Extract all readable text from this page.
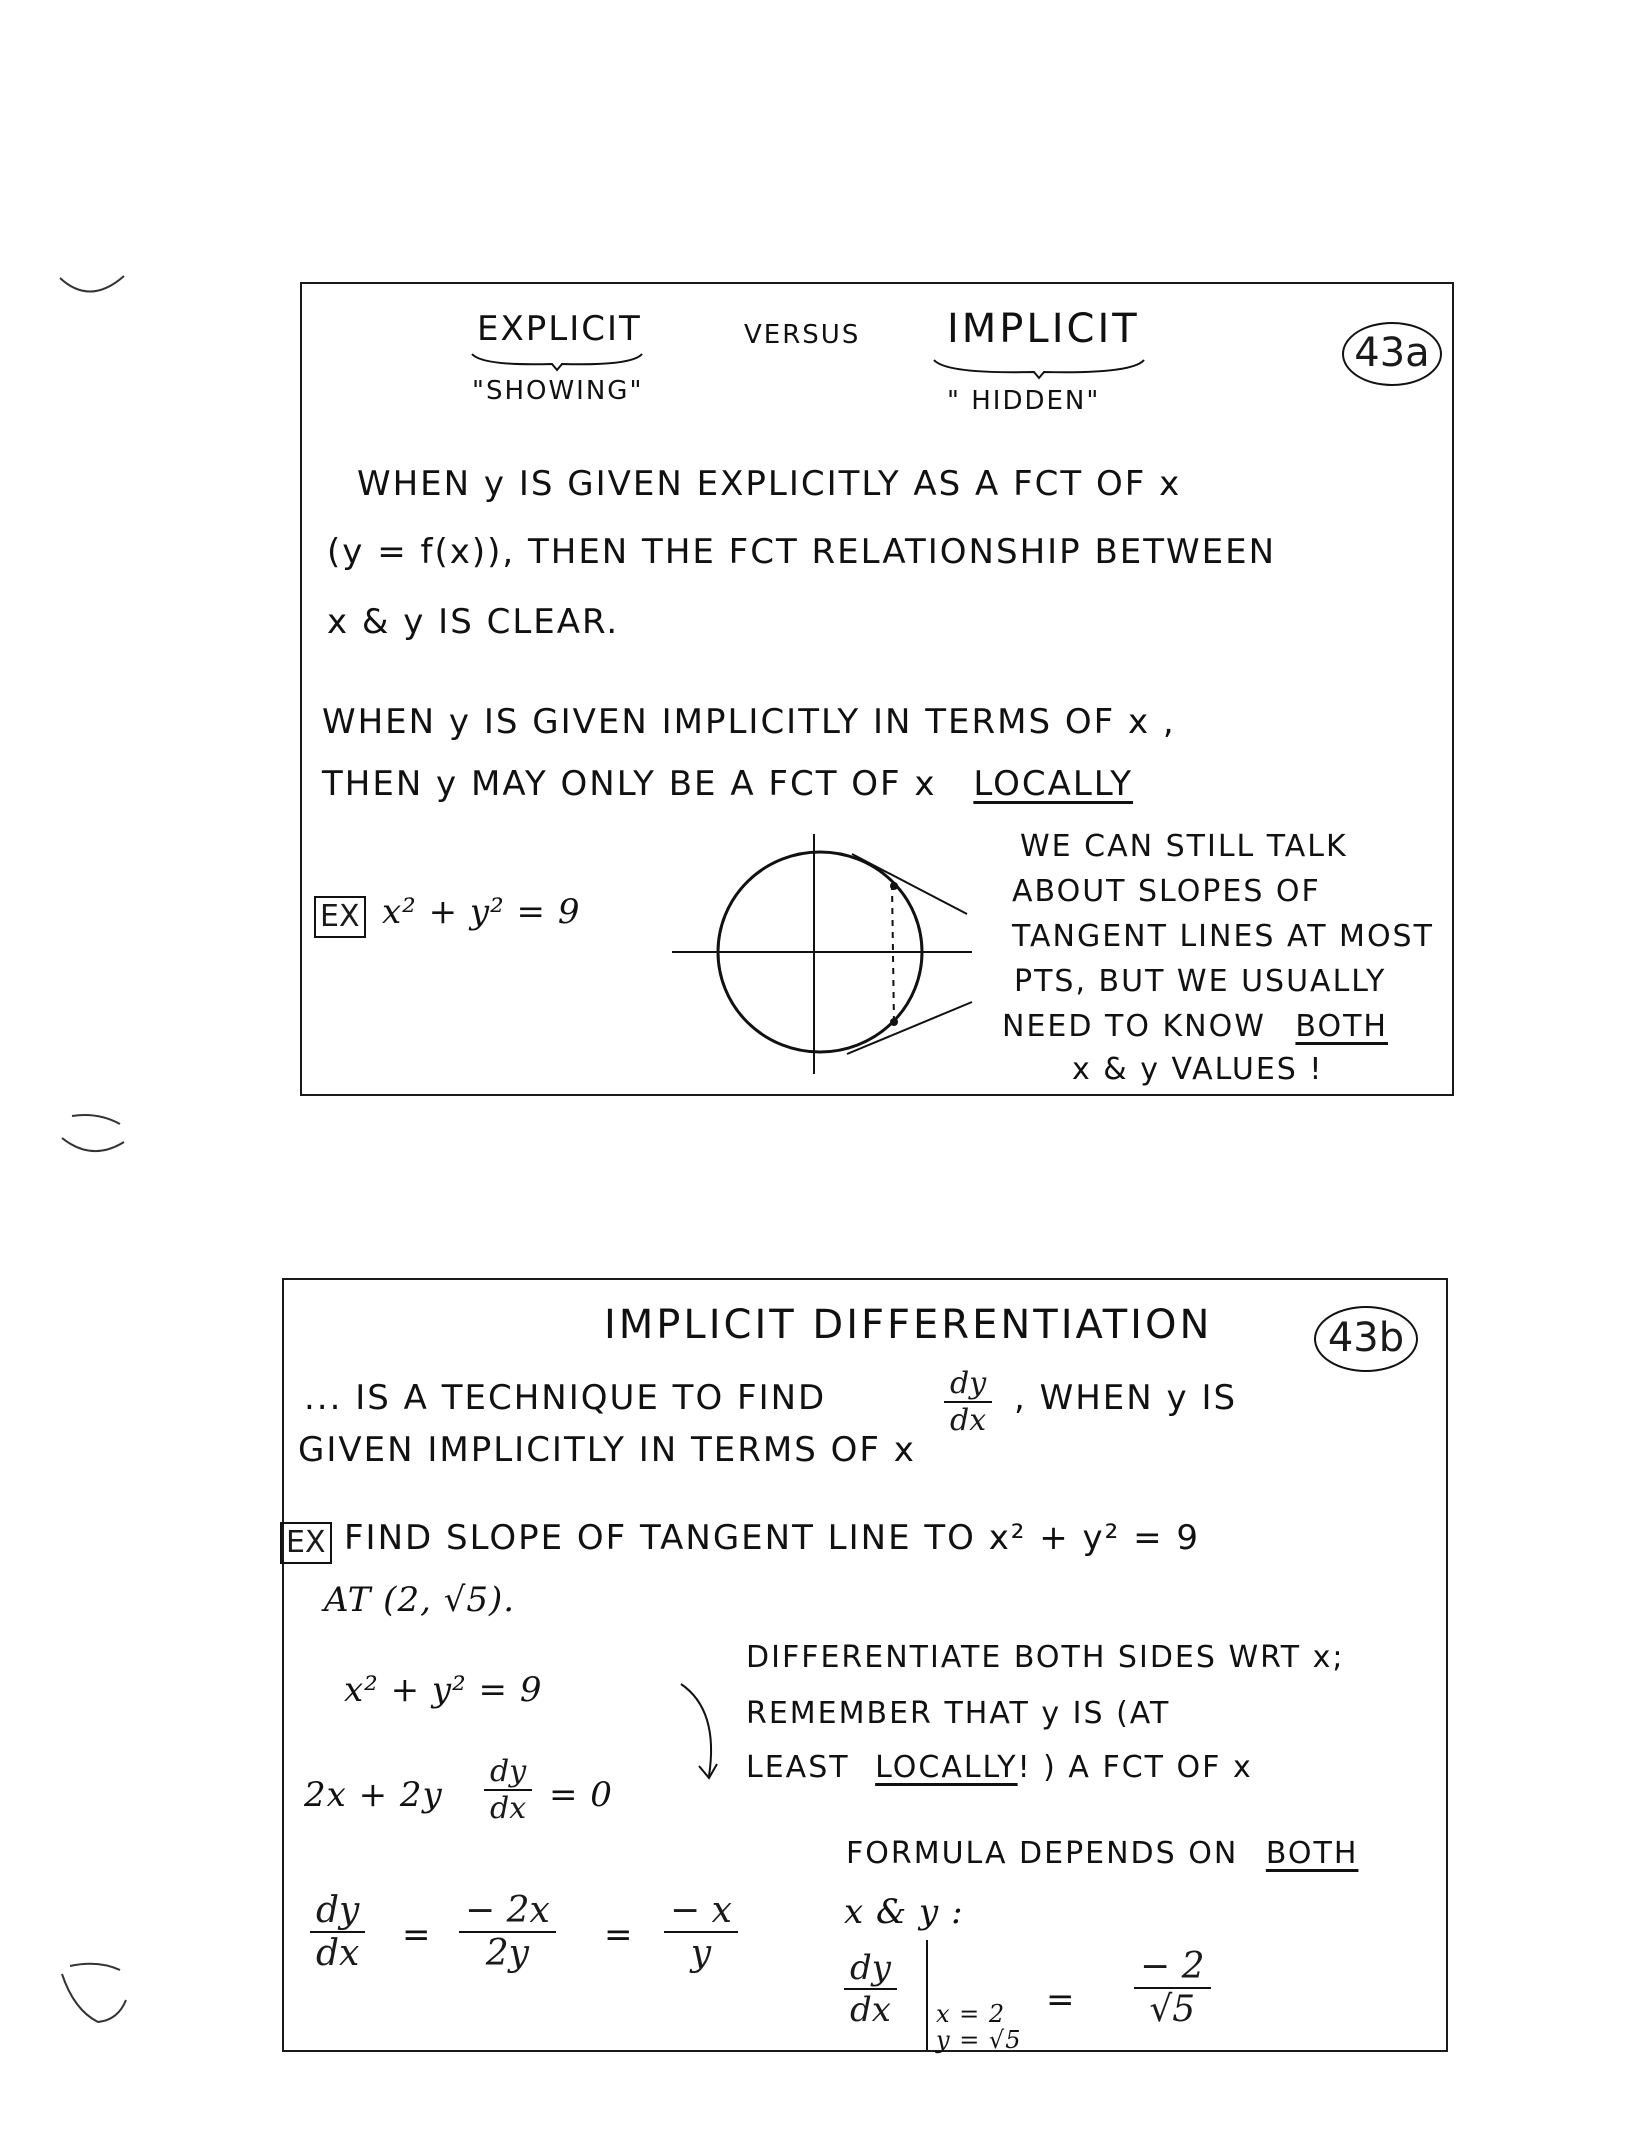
43a
EXPLICIT
"SHOWING"
VERSUS IMPLICIT
" HIDDEN"
WHEN y IS GIVEN EXPLICITLY AS A FCT OF x
(y = f(x)), THEN THE FCT RELATIONSHIP BETWEEN
x & y IS CLEAR.
WHEN y IS GIVEN IMPLICITLY IN TERMS OF x ,
THEN y MAY ONLY BE A FCT OF x LOCALLY
EX x² + y² = 9
WE CAN STILL TALK
ABOUT SLOPES OF
TANGENT LINES AT MOST
PTS, BUT WE USUALLY
NEED TO KNOW BOTH
x & y VALUES !
43b
IMPLICIT DIFFERENTIATION
... IS A TECHNIQUE TO FIND	$\frac{dy}{dx}$ , WHEN y IS
GIVEN IMPLICITLY IN TERMS OF x
EX FIND SLOPE OF TANGENT LINE TO x² + y² = 9
AT (2, √5).
x² + y² = 9
$2x + 2y \frac{dy}{dx} = 0$
DIFFERENTIATE BOTH SIDES WRT x;
REMEMBER THAT y IS (AT
LEAST LOCALLY! ) A FCT OF x
$\frac{dy}{dx} = \frac{- 2x}{2y} = \frac{- x}{y}$
FORMULA DEPENDS ON BOTH
x & y :
$\frac{dy}{dx}$ x = 2
y = √5
= $\frac{- 2}{√5}$
